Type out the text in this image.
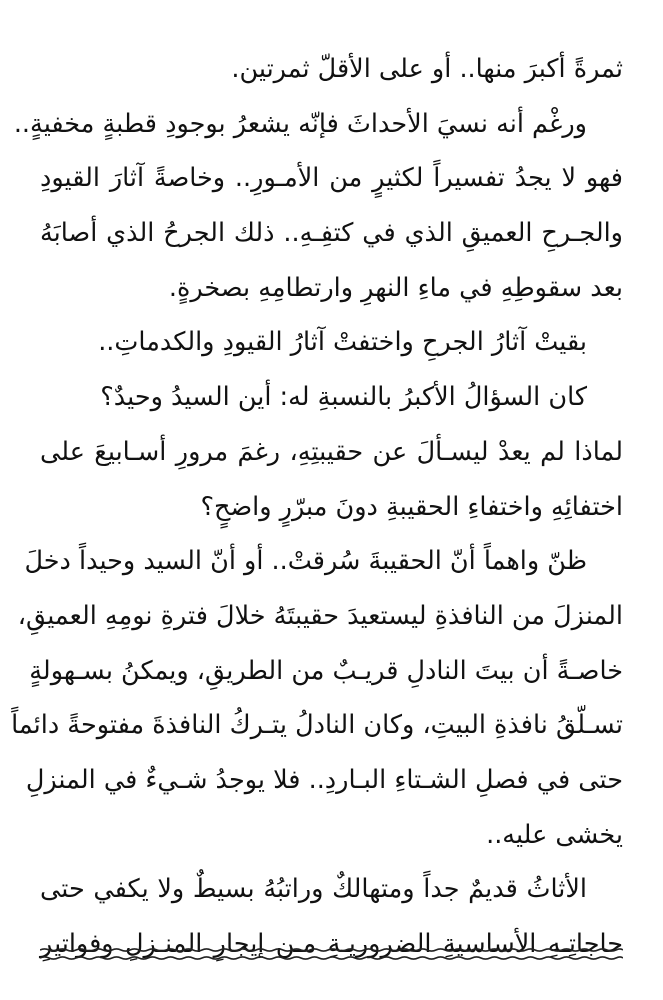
ثمرةً أكبرَ منها.. أو على الأقلّ ثمرتين.
ورغْم أنه نسيَ الأحداثَ فإنّه يشعرُ بوجودِ قطبةٍ مخفيةٍ..
فهو لا يجدُ تفسيراً لكثيرٍ من الأمـورِ.. وخاصةً آثارَ القيودِ
والجـرحِ العميقِ الذي في كتفِـهِ.. ذلك الجرحُ الذي أصابَهُ
بعد سقوطِهِ في ماءِ النهرِ وارتطامِهِ بصخرةٍ.
بقيتْ آثارُ الجرحِ واختفتْ آثارُ القيودِ والكدماتِ..
كان السؤالُ الأكبرُ بالنسبةِ له: أين السيدُ وحيدٌ؟
لماذا لم يعدْ ليسـألَ عن حقيبتِهِ، رغمَ مرورِ أسـابيعَ على
اختفائِهِ واختفاءِ الحقيبةِ دونَ مبرّرٍ واضحٍ؟
ظنّ واهماً أنّ الحقيبةَ سُرقتْ.. أو أنّ السيد وحيداً دخلَ
المنزلَ من النافذةِ ليستعيدَ حقيبتَهُ خلالَ فترةِ نومِهِ العميقِ،
خاصـةً أن بيتَ النادلِ قريـبٌ من الطريقِ، ويمكنُ بسـهولةٍ
تسـلّقُ نافذةِ البيتِ، وكان النادلُ يتـركُ النافذةَ مفتوحةً دائماً
حتى في فصلِ الشـتاءِ البـاردِ.. فلا يوجدُ شـيءٌ في المنزلِ
يخشى عليه..
الأثاثُ قديمٌ جداً ومتهالكٌ وراتبُهُ بسيطٌ ولا يكفي حتى
حاجاتِـهِ الأساسيةِ الضروريـةِ مـن إيجارِ المنـزلِ وفواتيرِ
